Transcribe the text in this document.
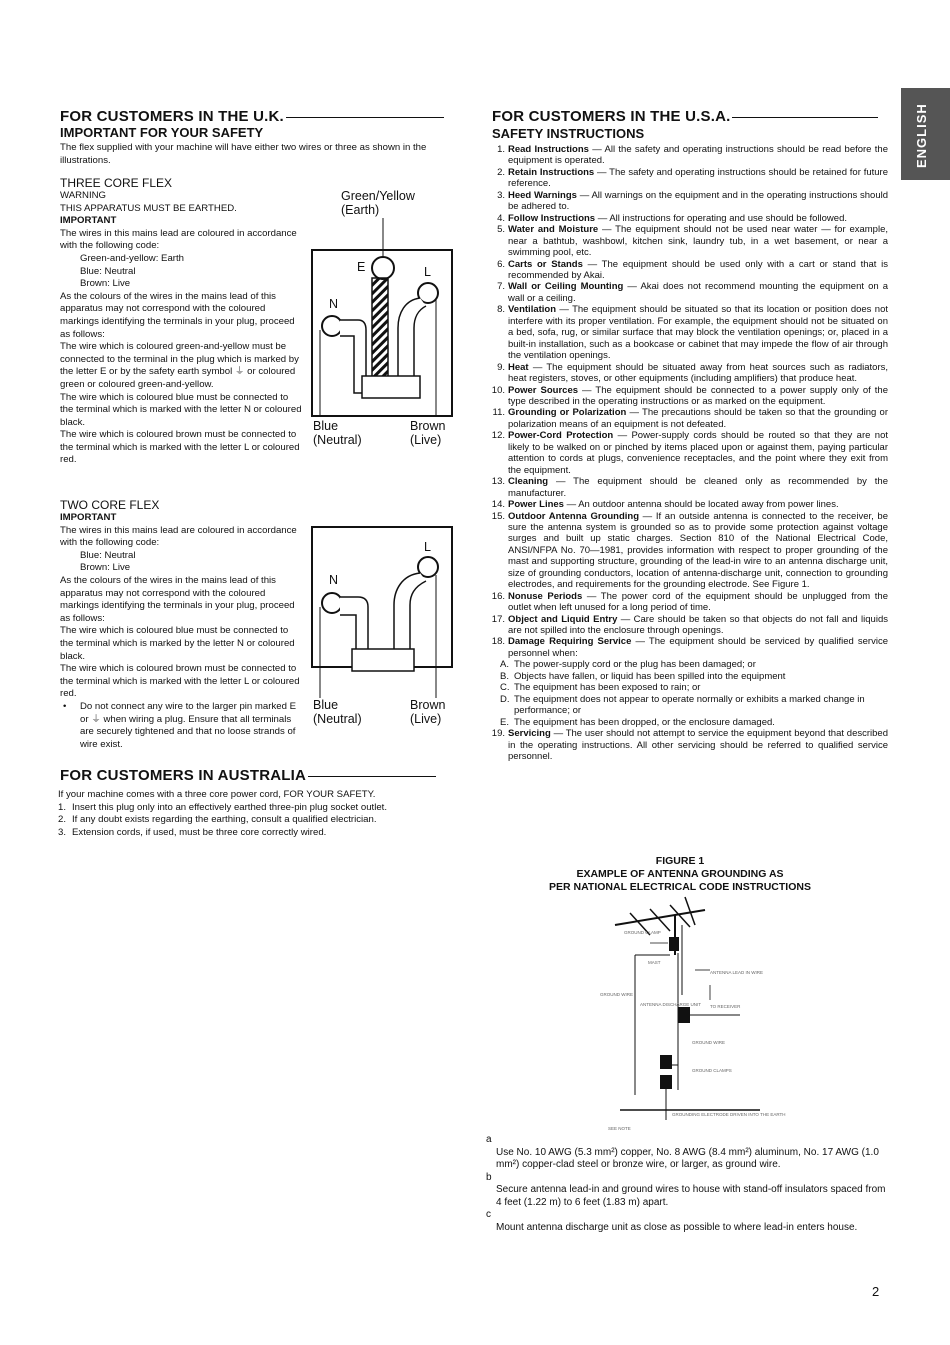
ENGLISH
FOR CUSTOMERS IN THE U.K.
IMPORTANT FOR YOUR SAFETY
The flex supplied with your machine will have either two wires or three as shown in the illustrations.
THREE CORE FLEX

WARNING

THIS APPARATUS MUST BE EARTHED.

IMPORTANT

The wires in this mains lead are coloured in accordance with the following code:

Green-and-yellow: Earth

Blue: Neutral

Brown: Live

As the colours of the wires in the mains lead of this apparatus may not correspond with the coloured markings identifying the terminals in your plug, proceed as follows:

The wire which is coloured green-and-yellow must be connected to the terminal in the plug which is marked by the letter E or by the safety earth symbol ⏚ or coloured green or coloured green-and-yellow.

The wire which is coloured blue must be connected to the terminal which is marked with the letter N or coloured black.

The wire which is coloured brown must be connected to the terminal which is marked with the letter L or coloured red.

Green/Yellow
(Earth)
E	L
N
Blue
(Neutral)
Brown
(Live)
TWO CORE FLEX

IMPORTANT

The wires in this mains lead are coloured in accordance with the following code:

Blue: Neutral

Brown: Live

As the colours of the wires in the mains lead of this apparatus may not correspond with the coloured markings identifying the terminals in your plug, proceed as follows:

The wire which is coloured blue must be connected to the terminal which is marked by the letter N or coloured black.

The wire which is coloured brown must be connected to the terminal which is marked with the letter L or coloured red.

• Do not connect any wire to the larger pin marked E or ⏚ when wiring a plug. Ensure that all terminals are securely tightened and that no loose strands of wire exist.

L
N
Blue
(Neutral)
Brown
(Live)
FOR CUSTOMERS IN AUSTRALIA

If your machine comes with a three core power cord, FOR YOUR SAFETY.

1. Insert this plug only into an effectively earthed three-pin plug socket outlet.
2. If any doubt exists regarding the earthing, consult a qualified electrician.
3. Extension cords, if used, must be three core correctly wired.
FOR CUSTOMERS IN THE U.S.A.
SAFETY INSTRUCTIONS
1. Read Instructions — All the safety and operating instructions should be read before the equipment is operated.
2. Retain Instructions — The safety and operating instructions should be retained for future reference.
3. Heed Warnings — All warnings on the equipment and in the operating instructions should be adhered to.
4. Follow Instructions — All instructions for operating and use should be followed.
5. Water and Moisture — The equipment should not be used near water — for example, near a bathtub, washbowl, kitchen sink, laundry tub, in a wet basement, or near a swimming pool, etc.
6. Carts or Stands — The equipment should be used only with a cart or stand that is recommended by Akai.
7. Wall or Ceiling Mounting — Akai does not recommend mounting the equipment on a wall or a ceiling.
8. Ventilation — The equipment should be situated so that its location or position does not interfere with its proper ventilation. For example, the equipment should not be situated on a bed, sofa, rug, or similar surface that may block the ventilation openings; or, placed in a built-in installation, such as a bookcase or cabinet that may impede the flow of air through the ventilation openings.
9. Heat — The equipment should be situated away from heat sources such as radiators, heat registers, stoves, or other equipments (including amplifiers) that produce heat.
10. Power Sources — The equipment should be connected to a power supply only of the type described in the operating instructions or as marked on the equipment.
11. Grounding or Polarization — The precautions should be taken so that the grounding or polarization means of an equipment is not defeated.
12. Power-Cord Protection — Power-supply cords should be routed so that they are not likely to be walked on or pinched by items placed upon or against them, paying particular attention to cords at plugs, convenience receptacles, and the point where they exit from the equipment.
13. Cleaning — The equipment should be cleaned only as recommended by the manufacturer.
14. Power Lines — An outdoor antenna should be located away from power lines.
15. Outdoor Antenna Grounding — If an outside antenna is connected to the receiver, be sure the antenna system is grounded so as to provide some protection against voltage surges and built up static charges. Section 810 of the National Electrical Code, ANSI/NFPA No. 70—1981, provides information with respect to proper grounding of the mast and supporting structure, grounding of the lead-in wire to an antenna discharge unit, size of grounding conductors, location of antenna-discharge unit, connection to grounding electrodes, and requirements for the grounding electrode. See Figure 1.
16. Nonuse Periods — The power cord of the equipment should be unplugged from the outlet when left unused for a long period of time.
17. Object and Liquid Entry — Care should be taken so that objects do not fall and liquids are not spilled into the enclosure through openings.
18. Damage Requiring Service — The equipment should be serviced by qualified service personnel when:
A. The power-supply cord or the plug has been damaged; or
B. Objects have fallen, or liquid has been spilled into the equipment
C. The equipment has been exposed to rain; or
D. The equipment does not appear to operate normally or exhibits a marked change in performance; or
E. The equipment has been dropped, or the enclosure damaged.
19. Servicing — The user should not attempt to service the equipment beyond that described in the operating instructions. All other servicing should be referred to qualified service personnel.
FIGURE 1
EXAMPLE OF ANTENNA GROUNDING AS
PER NATIONAL ELECTRICAL CODE INSTRUCTIONS
GROUND CLAMP
MAST
ANTENNA LEAD IN WIRE
GROUND WIRE
ANTENNA DISCHARGE UNIT TO RECEIVER
GROUND WIRE
GROUND CLAMPS
GROUNDING ELECTRODE DRIVEN INTO THE EARTH
SEE NOTE
a
Use No. 10 AWG (5.3 mm²) copper, No. 8 AWG (8.4 mm²) aluminum, No. 17 AWG (1.0 mm²) copper-clad steel or bronze wire, or larger, as ground wire.
b
Secure antenna lead-in and ground wires to house with stand-off insulators spaced from 4 feet (1.22 m) to 6 feet (1.83 m) apart.
c
Mount antenna discharge unit as close as possible to where lead-in enters house.
2
